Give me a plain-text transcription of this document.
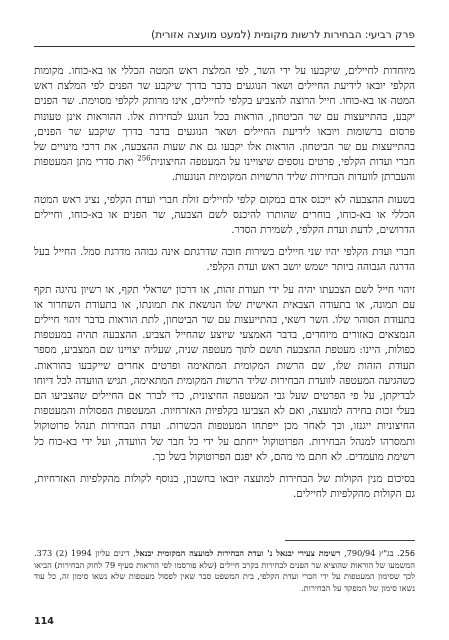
פרק רביעי: הבחירות לרשות מקומית (למעט מועצה אזורית)

מיוחדות לחיילים, שיקבעו על ידי השר, לפי המלצת ראש המטה הכללי או בא-כוחו. מקומות הקלפי יובאו לידיעת החיילים ושאר הנוגעים בדבר בדרך שיקבע שר הפנים לפי המלצת ראש המטה או בא-כוחו. חייל הרוצה להצביע בקלפי לחיילים, אינו מרותק לקלפי מסוימת. שר הפנים יקבע, בהתייעצות עם שר הביטחון, הוראות בכל הנוגע לבחירות אלו. ההוראות אינן טעונות פרסום ברשומות ויובאו לידיעת החיילים ושאר הנוגעים בדבר בדרך שיקבע שר הפנים, בהתייעצות עם שר הביטחון. הוראות אלו יקבעו גם את שעות ההצבעה, את דרכי מינויים של חברי ועדות הקלפי, פרטים נוספים שיצויינו על המעטפה החיצונית$^{256}$ ואת סדרי מתן המעטפות והעברתן לוועדות הבחירות שליד הרשויות המקומיות הנוגעות.

בשעות ההצבעה לא ייכנס אדם במקום קלפי לחיילים זולת חברי ועדת הקלפי, נציג ראש המטה הכללי או בא-כוחו, בוחרים שהותרו להיכנס לשם הצבעה, שר הפנים או בא-כוחו, וחיילים הדרושים, לדעת ועדת הקלפי, לשמירת הסדר.

חברי ועדת הקלפי יהיו שני חיילים בשירות חובה שדרגתם אינה גבוהה מדרגת סמל. החייל בעל הדרגה הגבוהה ביותר ישמש יושב ראש ועדת הקלפי.

זיהוי חייל לשם הצבעתו יהיה על ידי תעודת זהות, או דרכון ישראלי תקף, או רשיון נהיגה תקף עם תמונה, או בתעודה הצבאית האישית שלו הנושאת את תמונתו, או בתעודת השחרור או בתעודת הסוהר שלו. השר רשאי, בהתייעצות עם שר הביטחון, לתת הוראות בדבר זיהוי חיילים הנמצאים באזורים מיוחדים, בדבר האמצעי שיוצע שהחייל הצביע. ההצבעה תהיה במעטפות כפולות, היינו: מעטפת ההצבעה תושם לתוך מעטפה שניה, שעליה יצויינו שם המצביע, מספר תעודת הזהות שלו, שם הרשות המקומית המתאימה ופרטים אחרים שייקבעו בהוראות. כשהגיעה המעטפה לוועדת הבחירות שליד הרשות המקומית המתאימה, תגיש הוועדה לכל דיוחו לבדיקתן, על פי הפרטים שעל גבי המעטפה החיצונית, כדי לברר אם החיילים שהצביעו הם בעלי זכות בחירה למועצה, ואם לא הצביעו בקלפיות האזרחיות. המעטפות הפסולות והמעטפות החיצוניות ייגנזו, וכך לאחר מכן ייפתחו המעטפות הכשרות. ועדת הבחירות תנהל פרוטוקול ותמסרהו למנהל הבחירות. הפרוטוקול ייחתם על ידי כל חבר של הוועדה, ועל ידי בא-כוח כל רשימת מועמדים. לא חתם מי מהם, לא יפגם הפרוטוקול בשל כך.

בסיכום מנין הקולות של הבחירות למועצה יובאו בחשבון, בנוסף לקולות מהקלפיות האזרחיות, גם הקולות מהקלפיות לחיילים.

256. בג"ץ 790/94, רשימת צעירי יבנאל נ' ועדת הבחירות למועצה המקומית יבנאל, דינים עליון 1994 (2) 373. המשמעו של הוראות שהוציא שר הפנים לבחירות בקרב חיילים (שלא פורסמו לפי הוראות סעיף 79 לחוק הבחירות) הביאו לכך שסימון המעטפות על ידי חברי ועדת הקלפי, בית המשפט סבר שאין לפסול מעטפות שלא נשאו סימון זה, כל עוד נשאו סימון של המפקד על הבחירות.
114
